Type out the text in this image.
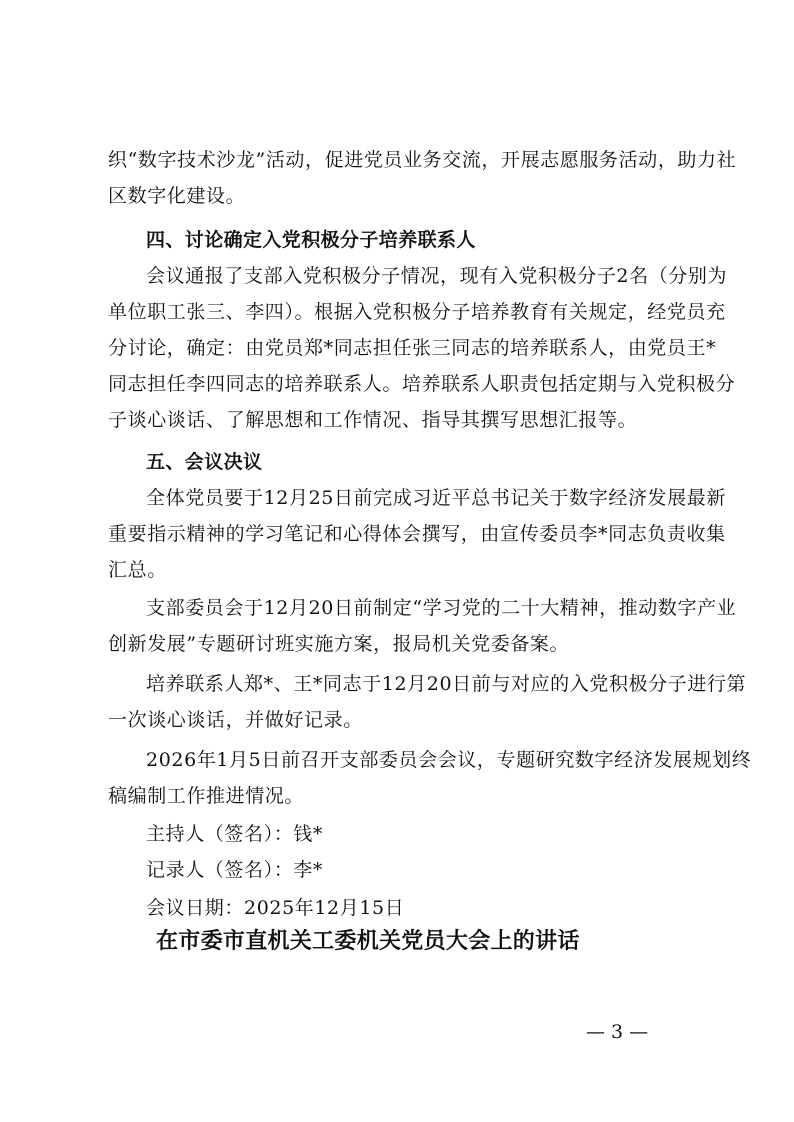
织“数字技术沙龙”活动，促进党员业务交流，开展志愿服务活动，助力社

区数字化建设。

四、讨论确定入党积极分子培养联系人

会议通报了支部入党积极分子情况，现有入党积极分子2名（分别为

单位职工张三、李四）。根据入党积极分子培养教育有关规定，经党员充

分讨论，确定：由党员郑*同志担任张三同志的培养联系人，由党员王*

同志担任李四同志的培养联系人。培养联系人职责包括定期与入党积极分

子谈心谈话、了解思想和工作情况、指导其撰写思想汇报等。

五、会议决议

全体党员要于12月25日前完成习近平总书记关于数字经济发展最新

重要指示精神的学习笔记和心得体会撰写，由宣传委员李*同志负责收集

汇总。

支部委员会于12月20日前制定“学习党的二十大精神，推动数字产业

创新发展”专题研讨班实施方案，报局机关党委备案。

培养联系人郑*、王*同志于12月20日前与对应的入党积极分子进行第

一次谈心谈话，并做好记录。

2026年1月5日前召开支部委员会会议，专题研究数字经济发展规划终

稿编制工作推进情况。

主持人（签名）：钱*

记录人（签名）：李*

会议日期：2025年12月15日

在市委市直机关工委机关党员大会上的讲话
— 3 —
